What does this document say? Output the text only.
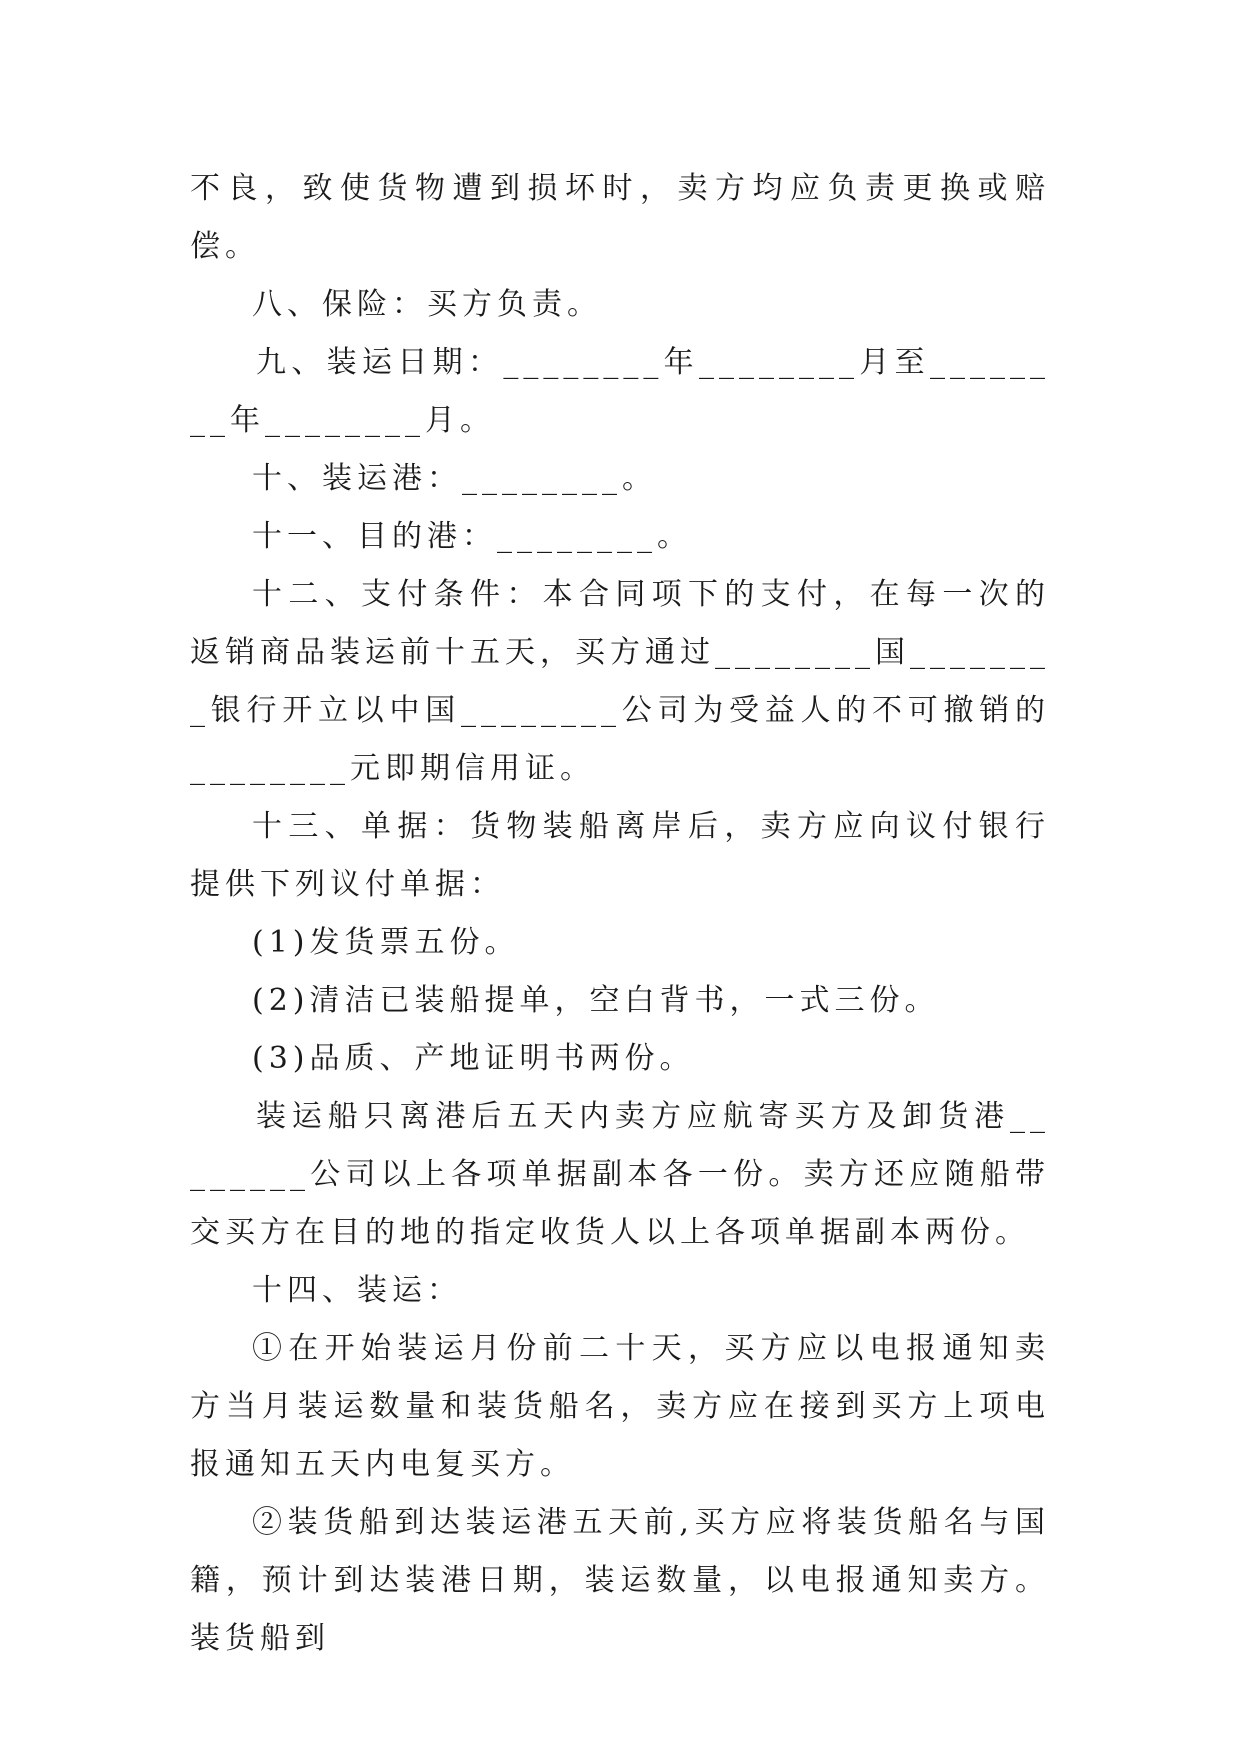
不良，致使货物遭到损坏时，卖方均应负责更换或赔偿。

八、保险：买方负责。

九、装运日期：________年________月至________年________月。

十、装运港：________。

十一、目的港：________。

十二、支付条件：本合同项下的支付，在每一次的返销商品装运前十五天，买方通过________国________银行开立以中国________公司为受益人的不可撤销的________元即期信用证。

十三、单据：货物装船离岸后，卖方应向议付银行提供下列议付单据：

(1)发货票五份。

(2)清洁已装船提单，空白背书，一式三份。

(3)品质、产地证明书两份。

装运船只离港后五天内卖方应航寄买方及卸货港________公司以上各项单据副本各一份。卖方还应随船带交买方在目的地的指定收货人以上各项单据副本两份。

十四、装运：

①在开始装运月份前二十天，买方应以电报通知卖方当月装运数量和装货船名，卖方应在接到买方上项电报通知五天内电复买方。

②装货船到达装运港五天前,买方应将装货船名与国籍，预计到达装港日期，装运数量，以电报通知卖方。装货船到
